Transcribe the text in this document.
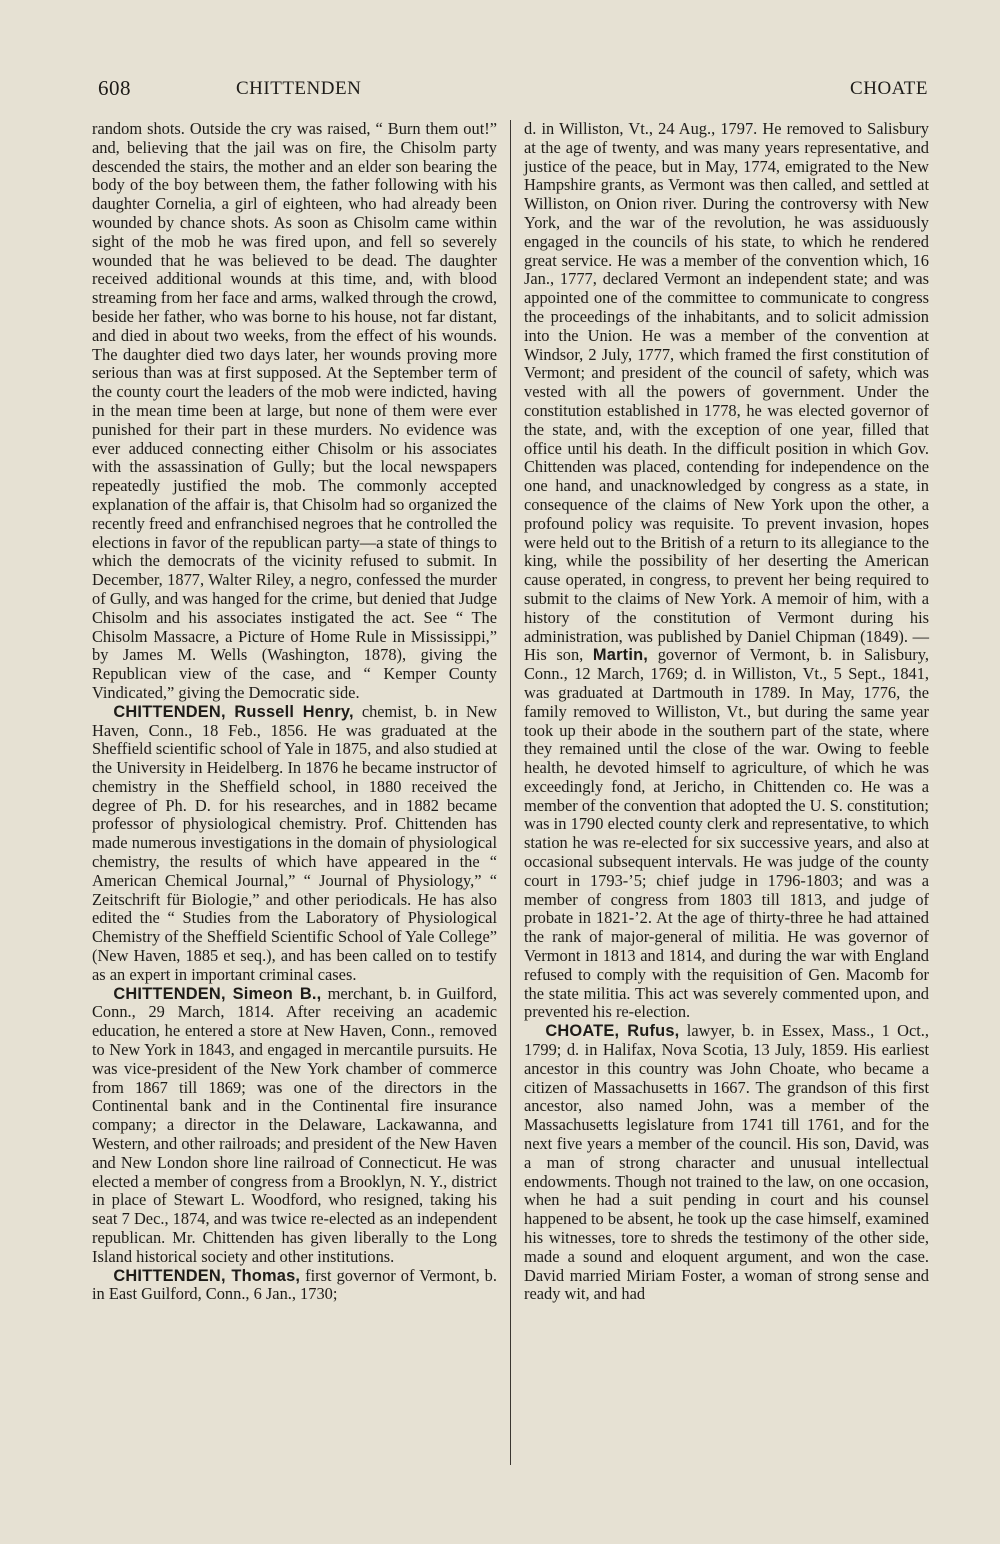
608	CHITTENDEN	CHOATE

random shots. Outside the cry was raised, “ Burn them out!” and, believing that the jail was on fire, the Chisolm party descended the stairs, the mother and an elder son bearing the body of the boy between them, the father following with his daughter Cornelia, a girl of eighteen, who had already been wounded by chance shots. As soon as Chisolm came within sight of the mob he was fired upon, and fell so severely wounded that he was believed to be dead. The daughter received additional wounds at this time, and, with blood streaming from her face and arms, walked through the crowd, beside her father, who was borne to his house, not far distant, and died in about two weeks, from the effect of his wounds. The daughter died two days later, her wounds proving more serious than was at first supposed. At the September term of the county court the leaders of the mob were indicted, having in the mean time been at large, but none of them were ever punished for their part in these murders. No evidence was ever adduced connecting either Chisolm or his associates with the assassination of Gully; but the local newspapers repeatedly justified the mob. The commonly accepted explanation of the affair is, that Chisolm had so organized the recently freed and enfranchised negroes that he controlled the elections in favor of the republican party—a state of things to which the democrats of the vicinity refused to submit. In December, 1877, Walter Riley, a negro, confessed the murder of Gully, and was hanged for the crime, but denied that Judge Chisolm and his associates instigated the act. See “ The Chisolm Massacre, a Picture of Home Rule in Mississippi,” by James M. Wells (Washington, 1878), giving the Republican view of the case, and “ Kemper County Vindicated,” giving the Democratic side.

CHITTENDEN, Russell Henry, chemist, b. in New Haven, Conn., 18 Feb., 1856. He was graduated at the Sheffield scientific school of Yale in 1875, and also studied at the University in Heidelberg. In 1876 he became instructor of chemistry in the Sheffield school, in 1880 received the degree of Ph. D. for his researches, and in 1882 became professor of physiological chemistry. Prof. Chittenden has made numerous investigations in the domain of physiological chemistry, the results of which have appeared in the “ American Chemical Journal,” “ Journal of Physiology,” “ Zeitschrift für Biologie,” and other periodicals. He has also edited the “ Studies from the Laboratory of Physiological Chemistry of the Sheffield Scientific School of Yale College” (New Haven, 1885 et seq.), and has been called on to testify as an expert in important criminal cases.

CHITTENDEN, Simeon B., merchant, b. in Guilford, Conn., 29 March, 1814. After receiving an academic education, he entered a store at New Haven, Conn., removed to New York in 1843, and engaged in mercantile pursuits. He was vice-president of the New York chamber of commerce from 1867 till 1869; was one of the directors in the Continental bank and in the Continental fire insurance company; a director in the Delaware, Lackawanna, and Western, and other railroads; and president of the New Haven and New London shore line railroad of Connecticut. He was elected a member of congress from a Brooklyn, N. Y., district in place of Stewart L. Woodford, who resigned, taking his seat 7 Dec., 1874, and was twice re-elected as an independent republican. Mr. Chittenden has given liberally to the Long Island historical society and other institutions.

CHITTENDEN, Thomas, first governor of Vermont, b. in East Guilford, Conn., 6 Jan., 1730;

d. in Williston, Vt., 24 Aug., 1797. He removed to Salisbury at the age of twenty, and was many years representative, and justice of the peace, but in May, 1774, emigrated to the New Hampshire grants, as Vermont was then called, and settled at Williston, on Onion river. During the controversy with New York, and the war of the revolution, he was assiduously engaged in the councils of his state, to which he rendered great service. He was a member of the convention which, 16 Jan., 1777, declared Vermont an independent state; and was appointed one of the committee to communicate to congress the proceedings of the inhabitants, and to solicit admission into the Union. He was a member of the convention at Windsor, 2 July, 1777, which framed the first constitution of Vermont; and president of the council of safety, which was vested with all the powers of government. Under the constitution established in 1778, he was elected governor of the state, and, with the exception of one year, filled that office until his death. In the difficult position in which Gov. Chittenden was placed, contending for independence on the one hand, and unacknowledged by congress as a state, in consequence of the claims of New York upon the other, a profound policy was requisite. To prevent invasion, hopes were held out to the British of a return to its allegiance to the king, while the possibility of her deserting the American cause operated, in congress, to prevent her being required to submit to the claims of New York. A memoir of him, with a history of the constitution of Vermont during his administration, was published by Daniel Chipman (1849). —His son, Martin, governor of Vermont, b. in Salisbury, Conn., 12 March, 1769; d. in Williston, Vt., 5 Sept., 1841, was graduated at Dartmouth in 1789. In May, 1776, the family removed to Williston, Vt., but during the same year took up their abode in the southern part of the state, where they remained until the close of the war. Owing to feeble health, he devoted himself to agriculture, of which he was exceedingly fond, at Jericho, in Chittenden co. He was a member of the convention that adopted the U. S. constitution; was in 1790 elected county clerk and representative, to which station he was re-elected for six successive years, and also at occasional subsequent intervals. He was judge of the county court in 1793-’5; chief judge in 1796-1803; and was a member of congress from 1803 till 1813, and judge of probate in 1821-’2. At the age of thirty-three he had attained the rank of major-general of militia. He was governor of Vermont in 1813 and 1814, and during the war with England refused to comply with the requisition of Gen. Macomb for the state militia. This act was severely commented upon, and prevented his re-election.

CHOATE, Rufus, lawyer, b. in Essex, Mass., 1 Oct., 1799; d. in Halifax, Nova Scotia, 13 July, 1859. His earliest ancestor in this country was John Choate, who became a citizen of Massachusetts in 1667. The grandson of this first ancestor, also named John, was a member of the Massachusetts legislature from 1741 till 1761, and for the next five years a member of the council. His son, David, was a man of strong character and unusual intellectual endowments. Though not trained to the law, on one occasion, when he had a suit pending in court and his counsel happened to be absent, he took up the case himself, examined his witnesses, tore to shreds the testimony of the other side, made a sound and eloquent argument, and won the case. David married Miriam Foster, a woman of strong sense and ready wit, and had
